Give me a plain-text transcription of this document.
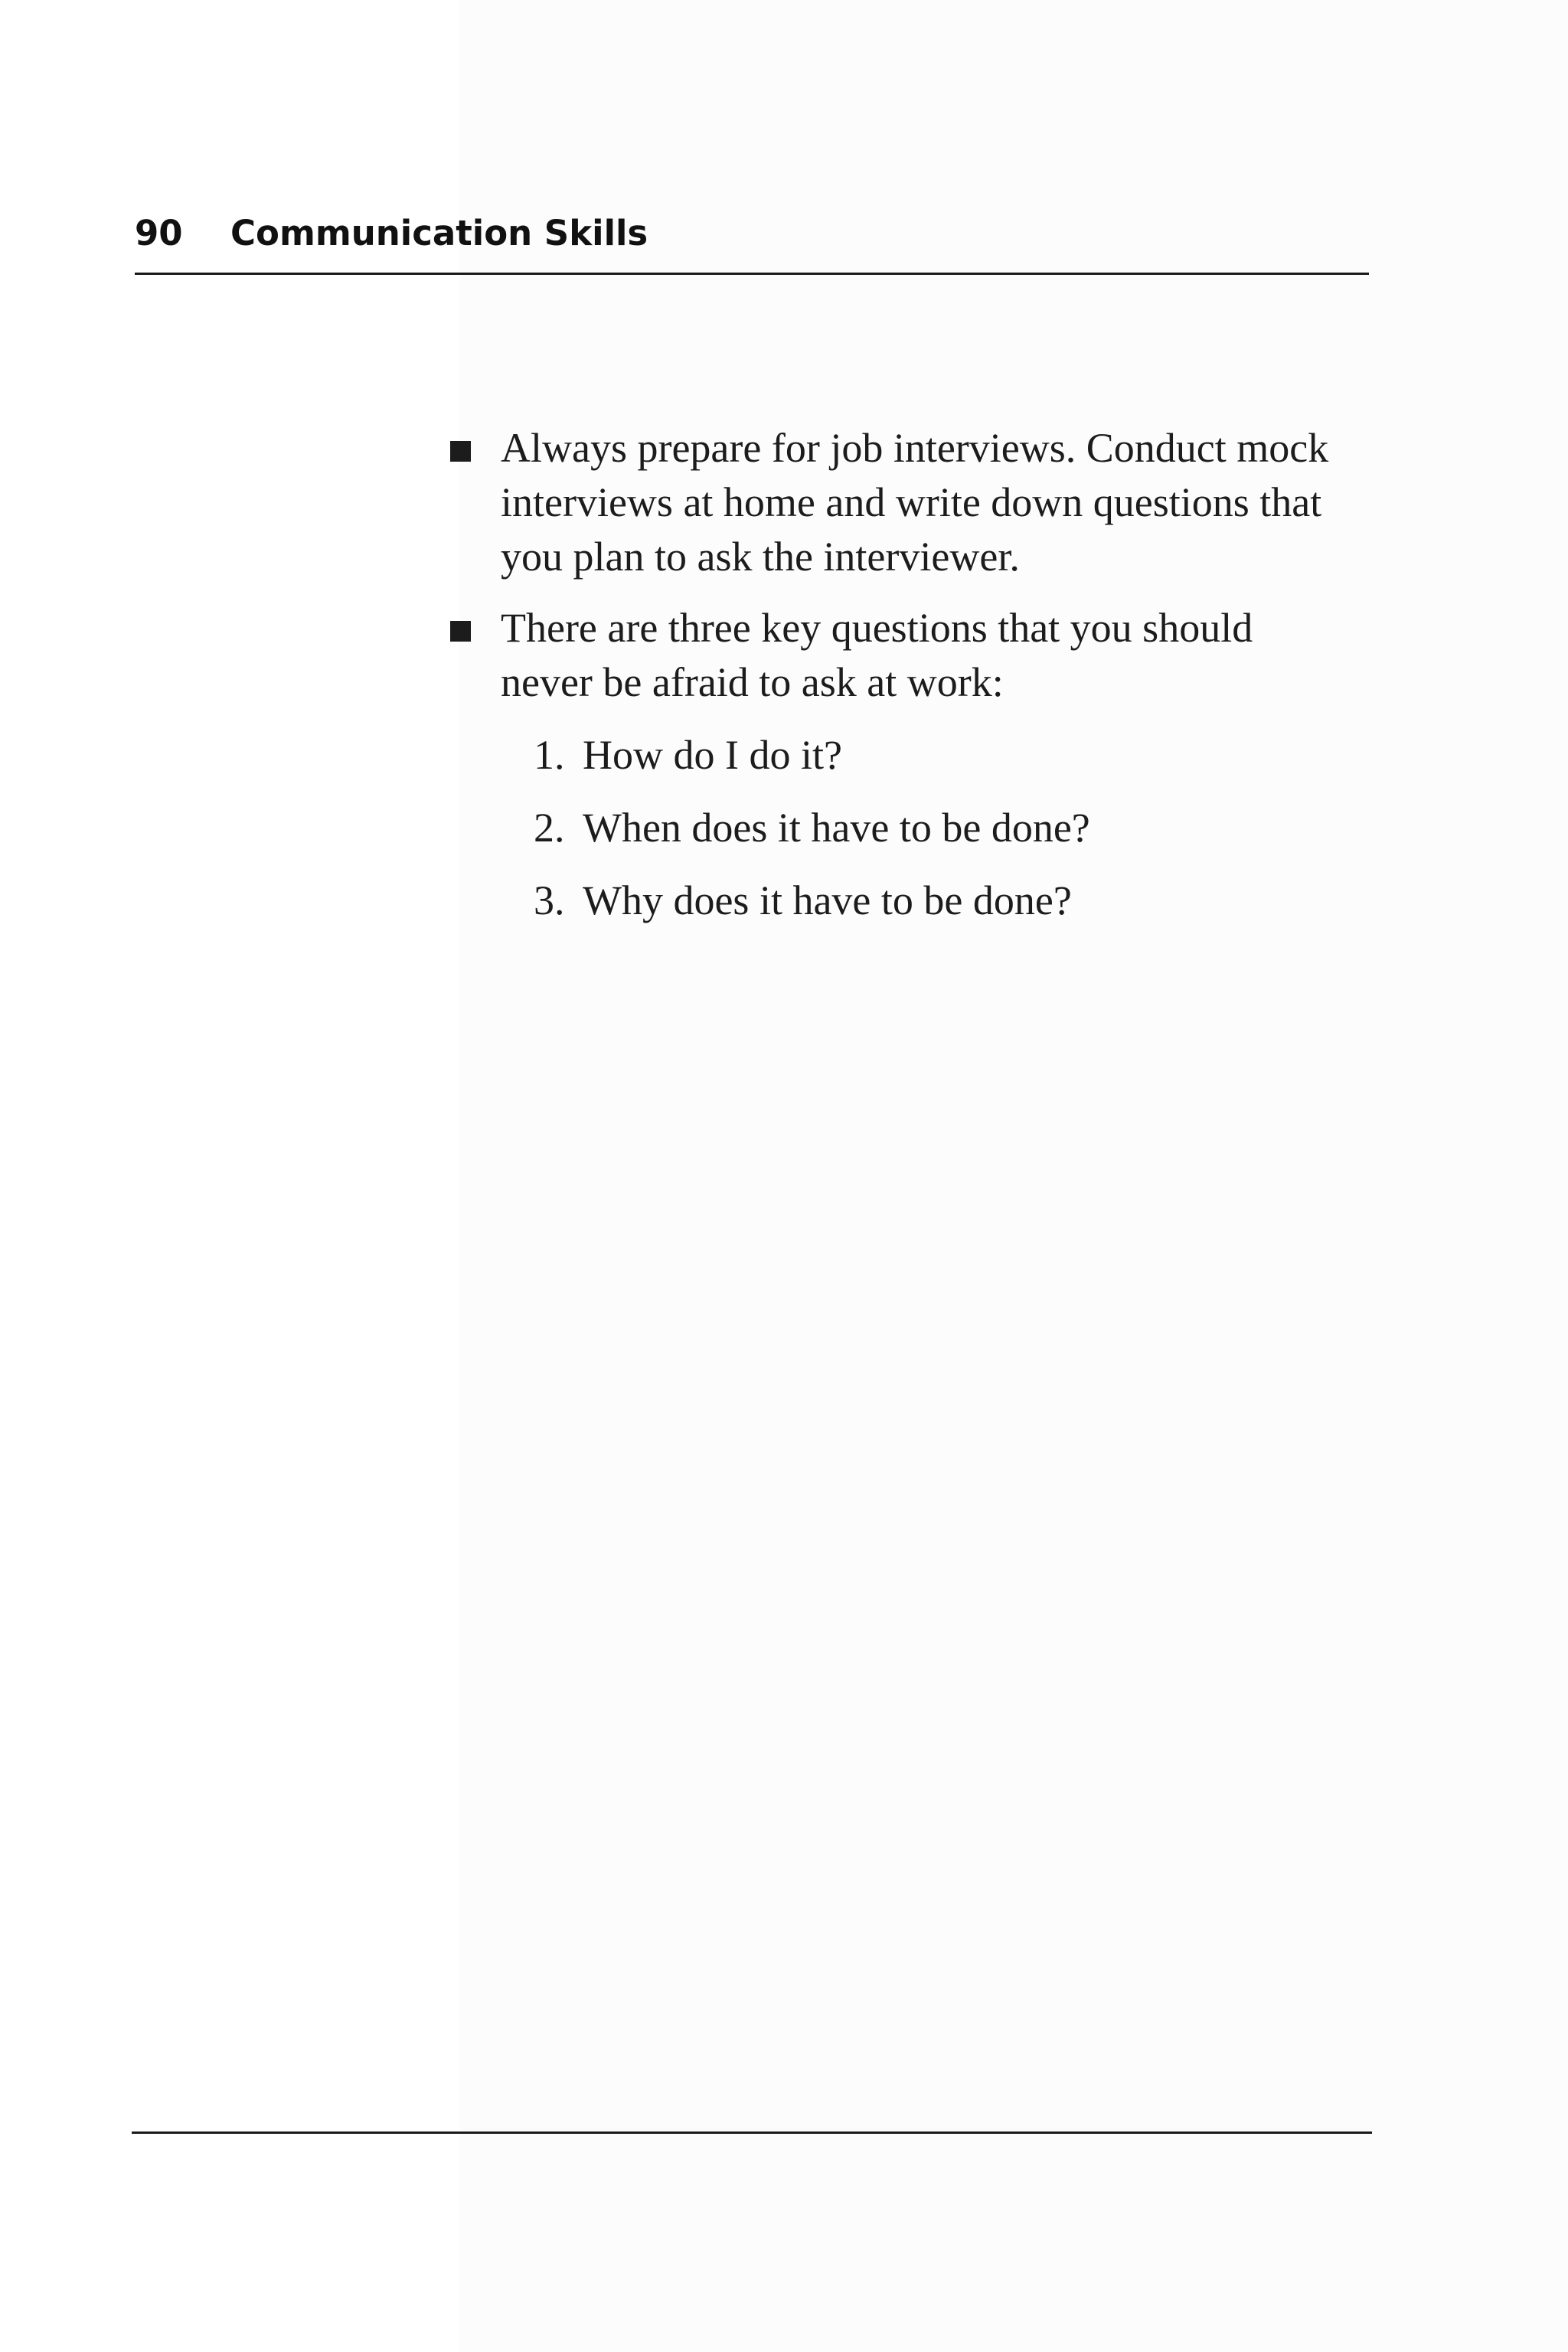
90	Communication Skills
Always prepare for job interviews. Conduct mock interviews at home and write down questions that you plan to ask the interviewer.
There are three key questions that you should never be afraid to ask at work:
1. How do I do it?
2. When does it have to be done?
3. Why does it have to be done?
